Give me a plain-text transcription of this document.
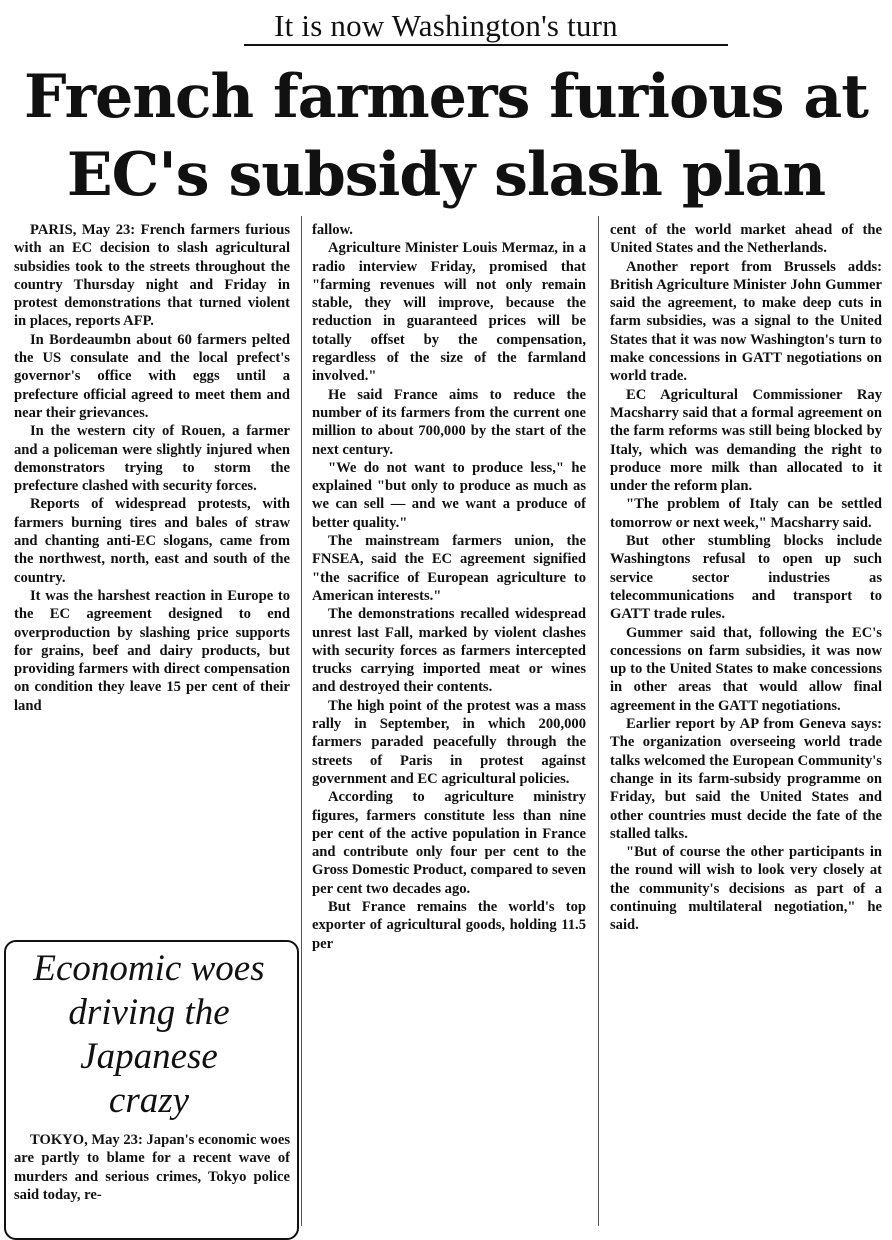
It is now Washington's turn
French farmers furious at
EC's subsidy slash plan

PARIS, May 23: French farmers furious with an EC decision to slash agricultural subsidies took to the streets throughout the country Thursday night and Friday in protest demonstrations that turned violent in places, reports AFP.

In Bordeaumbn about 60 farmers pelted the US consulate and the local prefect's governor's office with eggs until a prefecture official agreed to meet them and near their grievances.

In the western city of Rouen, a farmer and a policeman were slightly injured when demonstrators trying to storm the prefecture clashed with security forces.

Reports of widespread protests, with farmers burning tires and bales of straw and chanting anti-EC slogans, came from the northwest, north, east and south of the country.

It was the harshest reaction in Europe to the EC agreement designed to end overproduction by slashing price supports for grains, beef and dairy products, but providing farmers with direct compensation on condition they leave 15 per cent of their land

fallow.

Agriculture Minister Louis Mermaz, in a radio interview Friday, promised that "farming revenues will not only remain stable, they will improve, because the reduction in guaranteed prices will be totally offset by the compensation, regardless of the size of the farmland involved."

He said France aims to reduce the number of its farmers from the current one million to about 700,000 by the start of the next century.

"We do not want to produce less," he explained "but only to produce as much as we can sell — and we want a produce of better quality."

The mainstream farmers union, the FNSEA, said the EC agreement signified "the sacrifice of European agriculture to American interests."

The demonstrations recalled widespread unrest last Fall, marked by violent clashes with security forces as farmers intercepted trucks carrying imported meat or wines and destroyed their contents.

The high point of the protest was a mass rally in September, in which 200,000 farmers paraded peacefully through the streets of Paris in protest against government and EC agricultural policies.

According to agriculture ministry figures, farmers constitute less than nine per cent of the active population in France and contribute only four per cent to the Gross Domestic Product, compared to seven per cent two decades ago.

But France remains the world's top exporter of agricultural goods, holding 11.5 per

cent of the world market ahead of the United States and the Netherlands.

Another report from Brussels adds: British Agriculture Minister John Gummer said the agreement, to make deep cuts in farm subsidies, was a signal to the United States that it was now Washington's turn to make concessions in GATT negotiations on world trade.

EC Agricultural Commissioner Ray Macsharry said that a formal agreement on the farm reforms was still being blocked by Italy, which was demanding the right to produce more milk than allocated to it under the reform plan.

"The problem of Italy can be settled tomorrow or next week," Macsharry said.

But other stumbling blocks include Washingtons refusal to open up such service sector industries as telecommunications and transport to GATT trade rules.

Gummer said that, following the EC's concessions on farm subsidies, it was now up to the United States to make concessions in other areas that would allow final agreement in the GATT negotiations.

Earlier report by AP from Geneva says: The organization overseeing world trade talks welcomed the European Community's change in its farm-subsidy programme on Friday, but said the United States and other countries must decide the fate of the stalled talks.

"But of course the other participants in the round will wish to look very closely at the community's decisions as part of a continuing multilateral negotiation," he said.

Economic woes
driving the
Japanese
crazy

TOKYO, May 23: Japan's economic woes are partly to blame for a recent wave of murders and serious crimes, Tokyo police said today, re-
